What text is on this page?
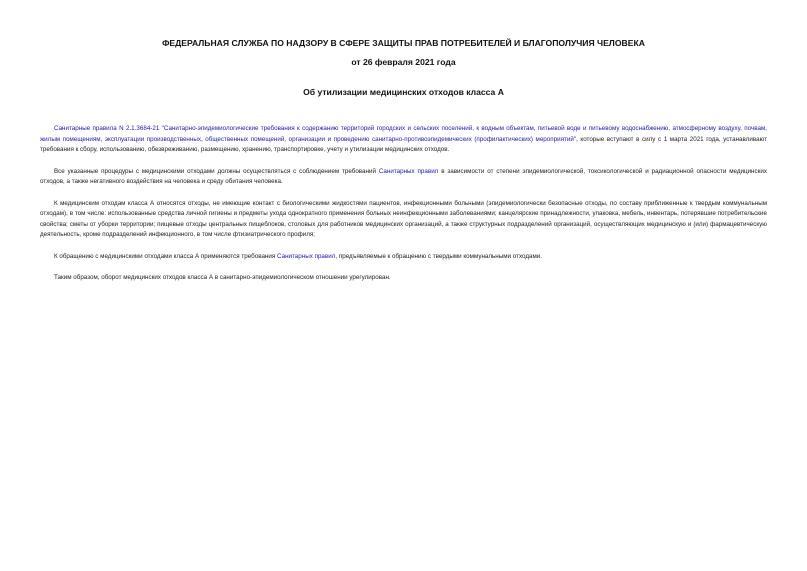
ФЕДЕРАЛЬНАЯ СЛУЖБА ПО НАДЗОРУ В СФЕРЕ ЗАЩИТЫ ПРАВ ПОТРЕБИТЕЛЕЙ И БЛАГОПОЛУЧИЯ ЧЕЛОВЕКА
от 26 февраля 2021 года
Об утилизации медицинских отходов класса А

Санитарные правила N 2.1.3684-21 "Санитарно-эпидемиологические требования к содержанию территорий городских и сельских поселений, к водным объектам, питьевой воде и питьевому водоснабжению, атмосферному воздуху, почвам, жилым помещениям, эксплуатации производственных, общественных помещений, организации и проведению санитарно-противоэпидемических (профилактических) мероприятий", которые вступают в силу с 1 марта 2021 года, устанавливают требования к сбору, использованию, обезвреживанию, размещению, хранению, транспортировке, учету и утилизации медицинских отходов.

Все указанные процедуры с медицинскими отходами должны осуществляться с соблюдением требований Санитарных правил в зависимости от степени эпидемиологической, токсикологической и радиационной опасности медицинских отходов, а также негативного воздействия на человека и среду обитания человека.

К медицинским отходам класса А относятся отходы, не имеющие контакт с биологическими жидкостями пациентов, инфекционными больными (эпидемиологически безопасные отходы, по составу приближенные к твердым коммунальным отходам), в том числе: использованные средства личной гигиены и предметы ухода однократного применения больных неинфекционными заболеваниями; канцелярские принадлежности, упаковка, мебель, инвентарь, потерявшие потребительские свойства; сметы от уборки территории; пищевые отходы центральных пищеблоков, столовых для работников медицинских организаций, а также структурных подразделений организаций, осуществляющих медицинскую и (или) фармацевтическую деятельность, кроме подразделений инфекционного, в том числе фтизиатрического профиля;

К обращению с медицинскими отходами класса А применяются требования Санитарных правил, предъявляемые к обращению с твердыми коммунальными отходами.

Таким образом, оборот медицинских отходов класса А в санитарно-эпидемиологическом отношении урегулирован.
